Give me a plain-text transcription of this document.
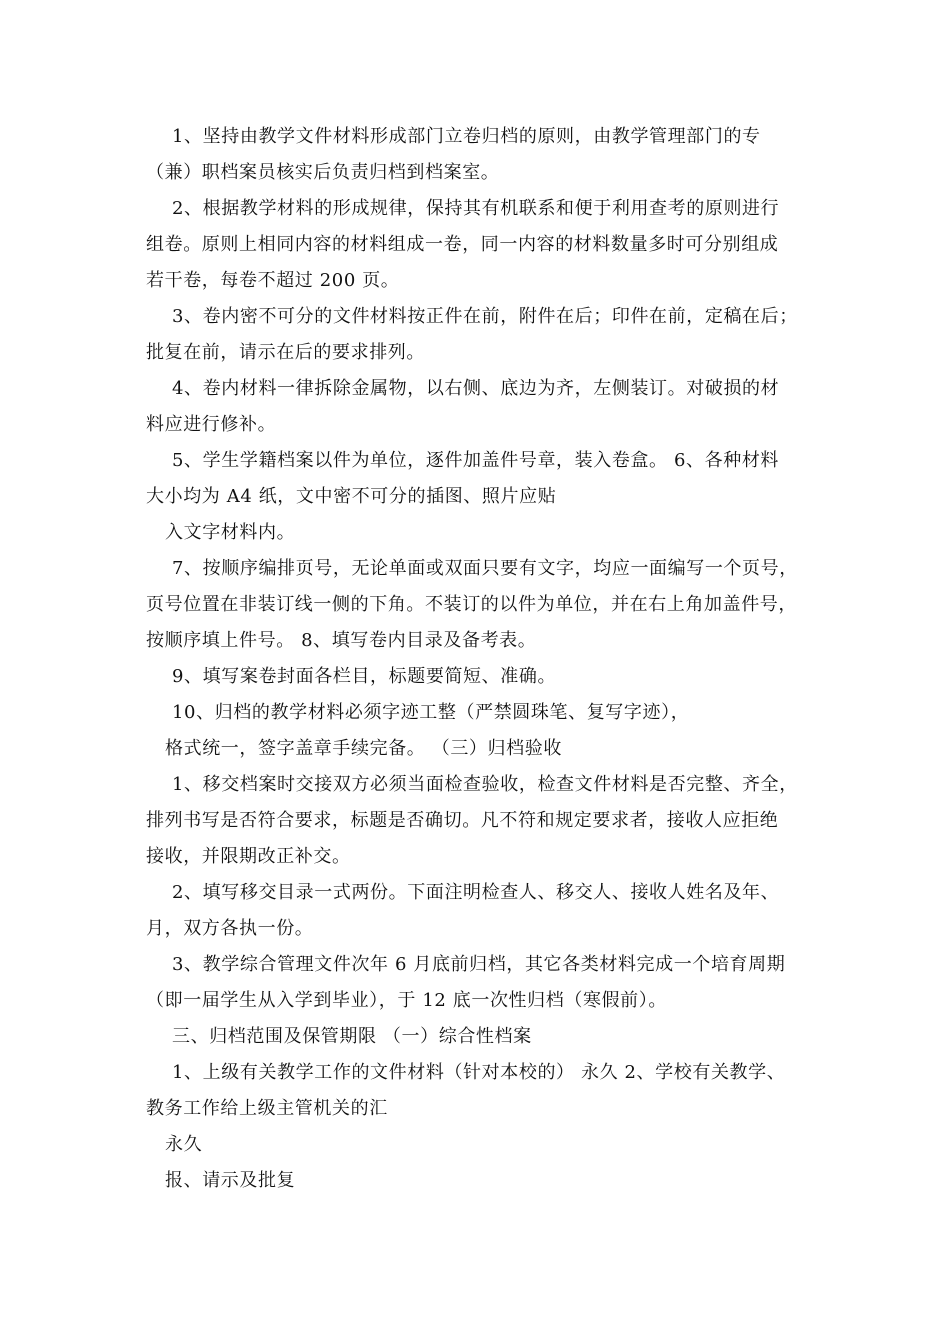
1、坚持由教学文件材料形成部门立卷归档的原则，由教学管理部门的专
（兼）职档案员核实后负责归档到档案室。
2、根据教学材料的形成规律，保持其有机联系和便于利用查考的原则进行
组卷。原则上相同内容的材料组成一卷，同一内容的材料数量多时可分别组成
若干卷，每卷不超过 200 页。
3、卷内密不可分的文件材料按正件在前，附件在后；印件在前，定稿在后；
批复在前，请示在后的要求排列。
4、卷内材料一律拆除金属物，以右侧、底边为齐，左侧装订。对破损的材
料应进行修补。
5、学生学籍档案以件为单位，逐件加盖件号章，装入卷盒。 6、各种材料
大小均为 A4 纸，文中密不可分的插图、照片应贴
入文字材料内。
7、按顺序编排页号，无论单面或双面只要有文字，均应一面编写一个页号，
页号位置在非装订线一侧的下角。不装订的以件为单位，并在右上角加盖件号，
按顺序填上件号。 8、填写卷内目录及备考表。
9、填写案卷封面各栏目，标题要简短、准确。
10、归档的教学材料必须字迹工整（严禁圆珠笔、复写字迹），
格式统一，签字盖章手续完备。 （三）归档验收
1、移交档案时交接双方必须当面检查验收，检查文件材料是否完整、齐全，
排列书写是否符合要求，标题是否确切。凡不符和规定要求者，接收人应拒绝
接收，并限期改正补交。
2、填写移交目录一式两份。下面注明检查人、移交人、接收人姓名及年、
月，双方各执一份。
3、教学综合管理文件次年 6 月底前归档，其它各类材料完成一个培育周期
（即一届学生从入学到毕业），于 12 底一次性归档（寒假前）。
三、归档范围及保管期限 （一）综合性档案
1、上级有关教学工作的文件材料（针对本校的） 永久 2、学校有关教学、
教务工作给上级主管机关的汇
永久
报、请示及批复
